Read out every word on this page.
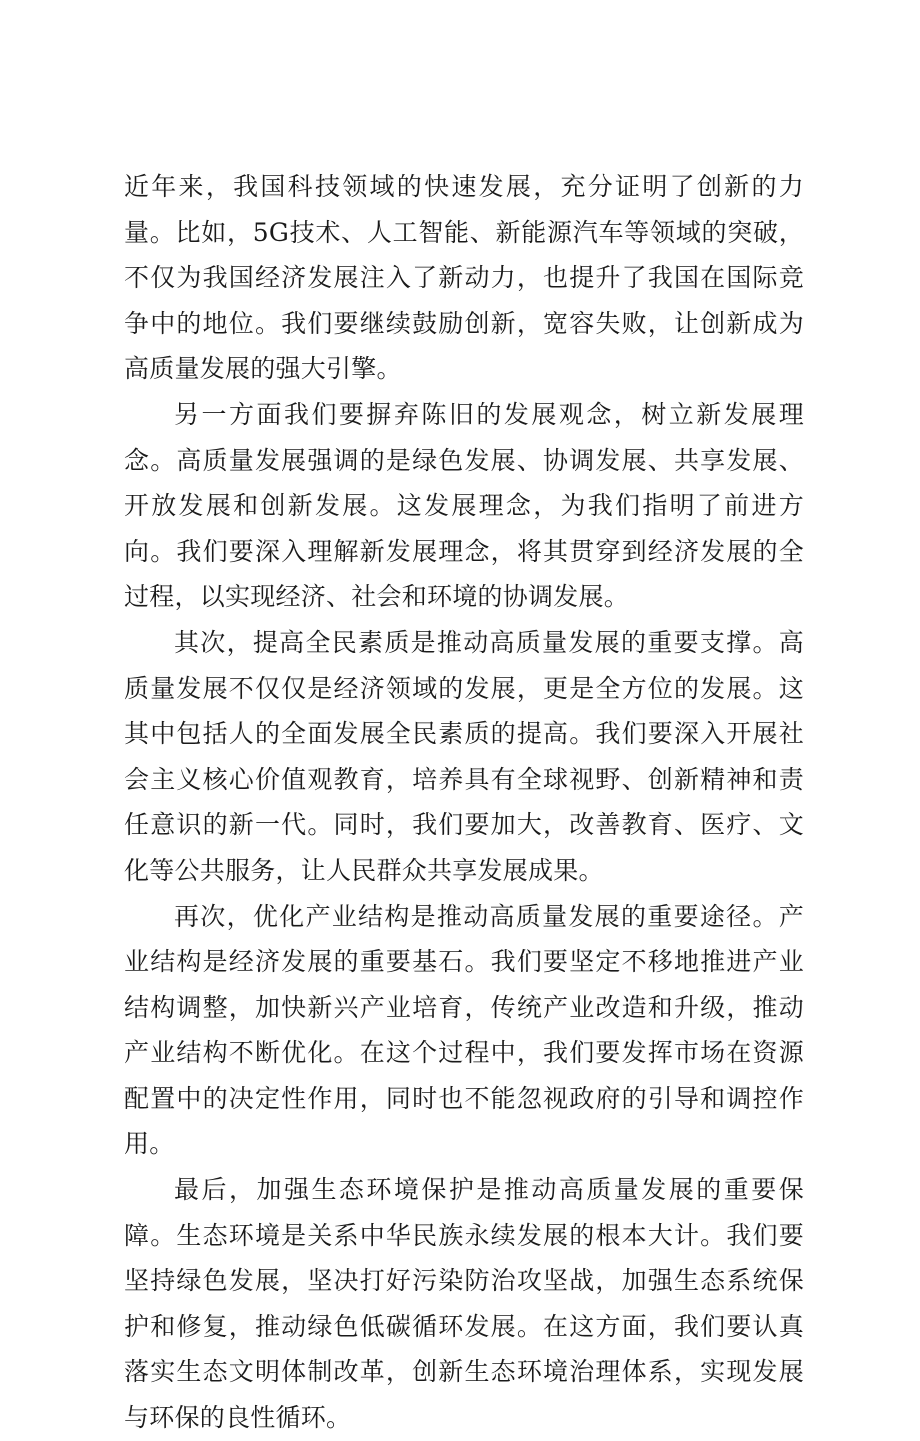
近年来，我国科技领域的快速发展，充分证明了创新的力量。比如，5G技术、人工智能、新能源汽车等领域的突破，不仅为我国经济发展注入了新动力，也提升了我国在国际竞争中的地位。我们要继续鼓励创新，宽容失败，让创新成为高质量发展的强大引擎。

另一方面我们要摒弃陈旧的发展观念，树立新发展理念。高质量发展强调的是绿色发展、协调发展、共享发展、开放发展和创新发展。这发展理念，为我们指明了前进方向。我们要深入理解新发展理念，将其贯穿到经济发展的全过程，以实现经济、社会和环境的协调发展。

其次，提高全民素质是推动高质量发展的重要支撑。高质量发展不仅仅是经济领域的发展，更是全方位的发展。这其中包括人的全面发展全民素质的提高。我们要深入开展社会主义核心价值观教育，培养具有全球视野、创新精神和责任意识的新一代。同时，我们要加大，改善教育、医疗、文化等公共服务，让人民群众共享发展成果。

再次，优化产业结构是推动高质量发展的重要途径。产业结构是经济发展的重要基石。我们要坚定不移地推进产业结构调整，加快新兴产业培育，传统产业改造和升级，推动产业结构不断优化。在这个过程中，我们要发挥市场在资源配置中的决定性作用，同时也不能忽视政府的引导和调控作用。

最后，加强生态环境保护是推动高质量发展的重要保障。生态环境是关系中华民族永续发展的根本大计。我们要坚持绿色发展，坚决打好污染防治攻坚战，加强生态系统保护和修复，推动绿色低碳循环发展。在这方面，我们要认真落实生态文明体制改革，创新生态环境治理体系，实现发展与环保的良性循环。
